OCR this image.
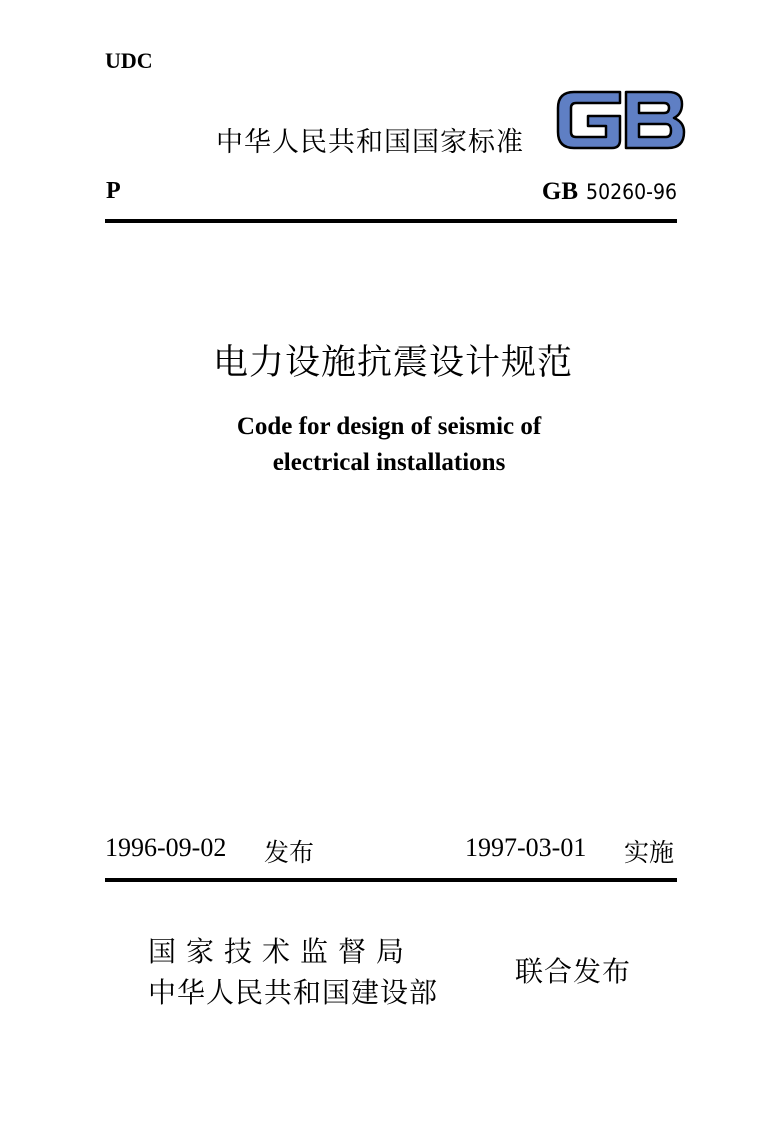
UDC
中华人民共和国国家标准
P	GB 50260-96
电力设施抗震设计规范
Code for design of seismic of
electrical installations
1996-09-02 发布	1997-03-01 实施
国家技术监督局
中华人民共和国建设部
联合发布
